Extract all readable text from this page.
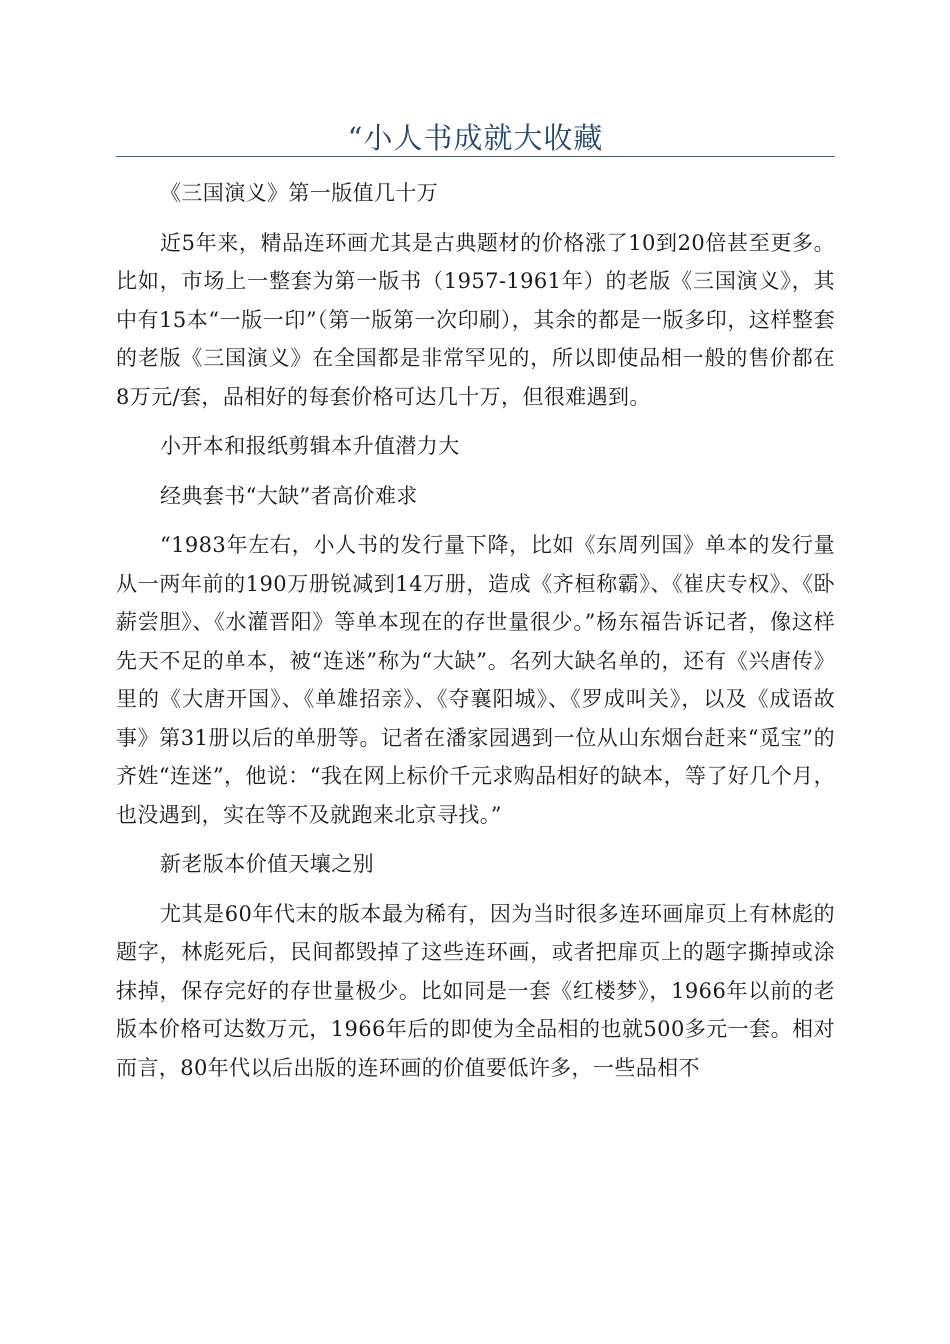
“小人书成就大收藏

《三国演义》第一版值几十万

近5年来，精品连环画尤其是古典题材的价格涨了10到20倍甚至更多。比如，市场上一整套为第一版书（1957-1961年）的老版《三国演义》，其中有15本“一版一印”（第一版第一次印刷），其余的都是一版多印，这样整套的老版《三国演义》在全国都是非常罕见的，所以即使品相一般的售价都在8万元/套，品相好的每套价格可达几十万，但很难遇到。

小开本和报纸剪辑本升值潜力大

经典套书“大缺”者高价难求

“1983年左右，小人书的发行量下降，比如《东周列国》单本的发行量从一两年前的190万册锐减到14万册，造成《齐桓称霸》、《崔庆专权》、《卧薪尝胆》、《水灌晋阳》等单本现在的存世量很少。”杨东福告诉记者，像这样先天不足的单本，被“连迷”称为“大缺”。名列大缺名单的，还有《兴唐传》里的《大唐开国》、《单雄招亲》、《夺襄阳城》、《罗成叫关》，以及《成语故事》第31册以后的单册等。记者在潘家园遇到一位从山东烟台赶来“觅宝”的齐姓“连迷”，他说：“我在网上标价千元求购品相好的缺本，等了好几个月，也没遇到，实在等不及就跑来北京寻找。”

新老版本价值天壤之别

尤其是60年代末的版本最为稀有，因为当时很多连环画扉页上有林彪的题字，林彪死后，民间都毁掉了这些连环画，或者把扉页上的题字撕掉或涂抹掉，保存完好的存世量极少。比如同是一套《红楼梦》，1966年以前的老版本价格可达数万元，1966年后的即使为全品相的也就500多元一套。相对而言，80年代以后出版的连环画的价值要低许多，一些品相不
